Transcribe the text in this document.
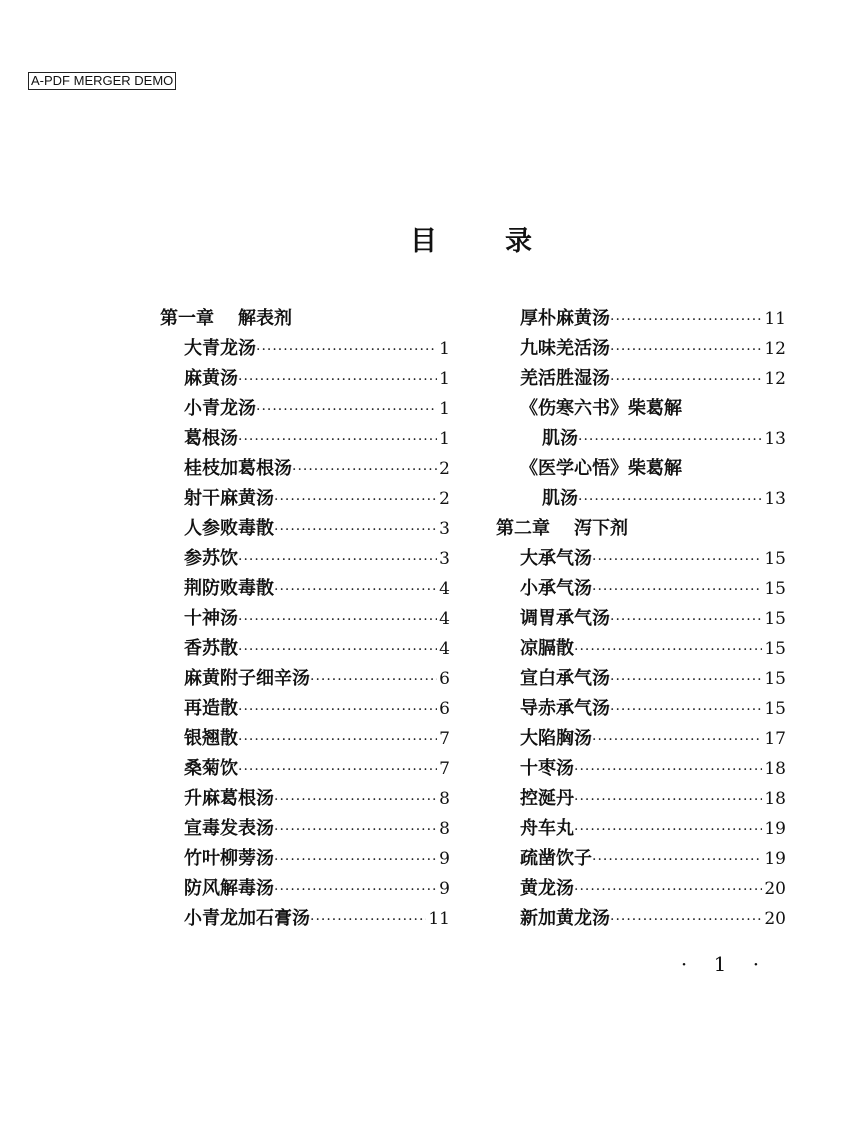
A-PDF MERGER DEMO
目	录
第一章 解表剂
大青龙汤 ·····	1
麻黄汤 ·····	1
小青龙汤 ·····	1
葛根汤 ·····	1
桂枝加葛根汤 ·····	2
射干麻黄汤 ·····	2
人参败毒散 ·····	3
参苏饮 ·····	3
荆防败毒散 ·····	4
十神汤 ·····	4
香苏散 ·····	4
麻黄附子细辛汤 ·····	6
再造散 ·····	6
银翘散 ·····	7
桑菊饮 ·····	7
升麻葛根汤 ·····	8
宣毒发表汤 ·····	8
竹叶柳蒡汤 ·····	9
防风解毒汤 ·····	9
小青龙加石膏汤 ·····	11
厚朴麻黄汤 ·····	11
九味羌活汤 ·····	12
羌活胜湿汤 ·····	12
《伤寒六书》柴葛解
肌汤 ·····	13
《医学心悟》柴葛解
肌汤 ·····	13
第二章 泻下剂
大承气汤 ·····	15
小承气汤 ·····	15
调胃承气汤 ·····	15
凉膈散 ·····	15
宣白承气汤 ·····	15
导赤承气汤 ·····	15
大陷胸汤 ·····	17
十枣汤 ·····	18
控涎丹 ·····	18
舟车丸 ·····	19
疏凿饮子 ·····	19
黄龙汤 ·····	20
新加黄龙汤 ·····	20
· 1 ·
